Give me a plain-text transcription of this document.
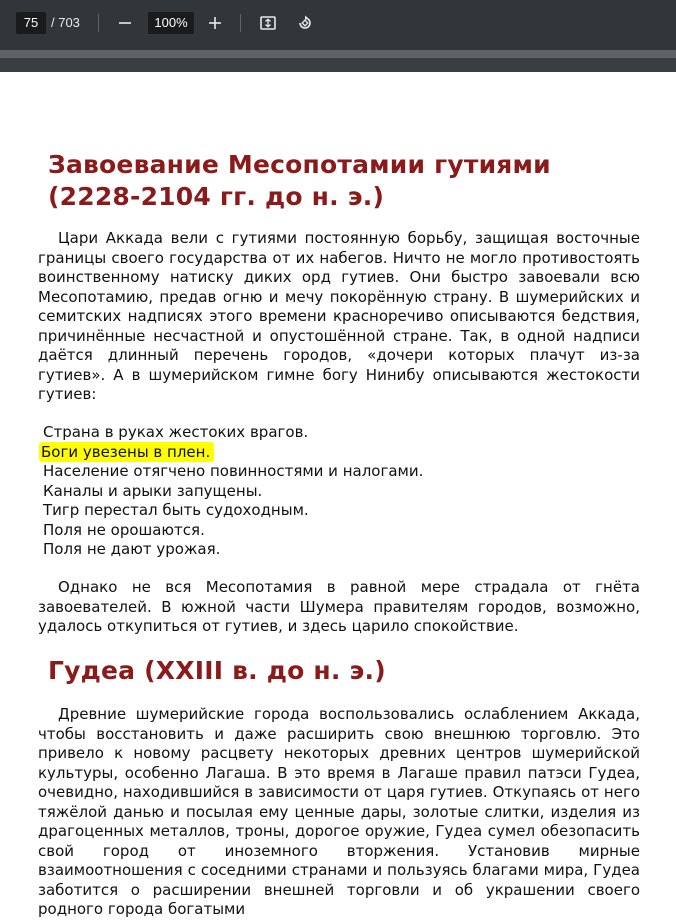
75 / 703	100%
Завоевание Месопотамии гутиями (2228-2104 гг. до н. э.)
Цари Аккада вели с гутиями постоянную борьбу, защищая восточные границы своего государства от их набегов. Ничто не могло противостоять воинственному натиску диких орд гутиев. Они быстро завоевали всю Месопотамию, предав огню и мечу покорённую страну. В шумерийских и семитских надписях этого времени красноречиво описываются бедствия, причинённые несчастной и опустошённой стране. Так, в одной надписи даётся длинный перечень городов, «дочери которых плачут из-за гутиев». А в шумерийском гимне богу Нинибу описываются жестокости гутиев:
Страна в руках жестоких врагов.
Боги увезены в плен.
Население отягчено повинностями и налогами.
Каналы и арыки запущены.
Тигр перестал быть судоходным.
Поля не орошаются.
Поля не дают урожая.
Однако не вся Месопотамия в равной мере страдала от гнёта завоевателей. В южной части Шумера правителям городов, возможно, удалось откупиться от гутиев, и здесь царило спокойствие.
Гудеа (XXIII в. до н. э.)
Древние шумерийские города воспользовались ослаблением Аккада, чтобы восстановить и даже расширить свою внешнюю торговлю. Это привело к новому расцвету некоторых древних центров шумерийской культуры, особенно Лагаша. В это время в Лагаше правил патэси Гудеа, очевидно, находившийся в зависимости от царя гутиев. Откупаясь от него тяжёлой данью и посылая ему ценные дары, золотые слитки, изделия из драгоценных металлов, троны, дорогое оружие, Гудеа сумел обезопасить свой город от иноземного вторжения. Установив мирные взаимоотношения с соседними странами и пользуясь благами мира, Гудеа заботится о расширении внешней торговли и об украшении своего родного города богатыми
